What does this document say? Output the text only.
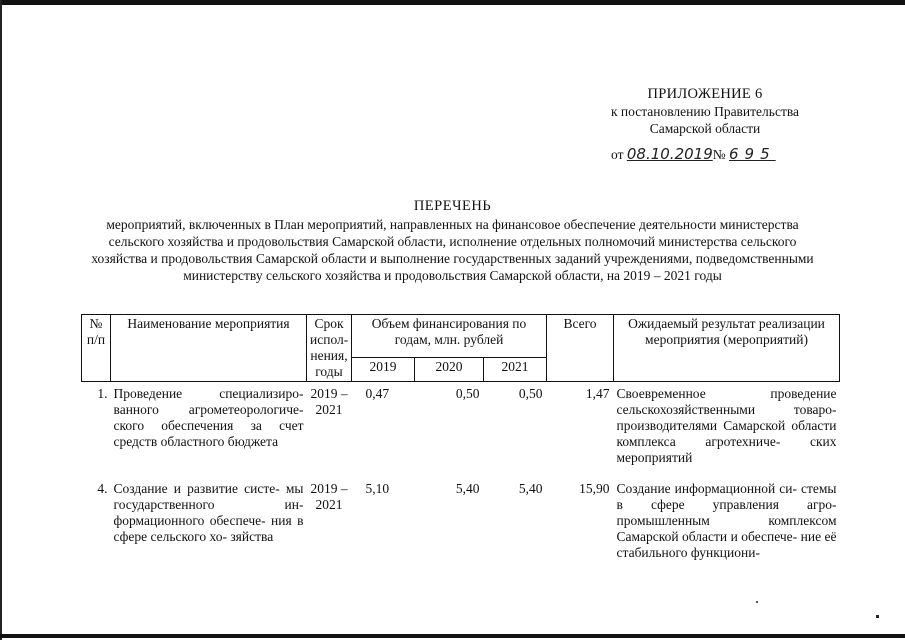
ПРИЛОЖЕНИЕ 6
к постановлению Правительства
Самарской области
от 08.10.2019№ 695
ПЕРЕЧЕНЬ
мероприятий, включенных в План мероприятий, направленных на финансовое обеспечение деятельности министерства сельского хозяйства и продовольствия Самарской области, исполнение отдельных полномочий министерства сельского хозяйства и продовольствия Самарской области и выполнение государственных заданий учреждениями, подведомственными министерству сельского хозяйства и продовольствия Самарской области, на 2019 – 2021 годы
№ п/п	Наименование мероприятия	Срок испол- нения, годы	Объем финансирования по годам, млн. рублей			Всего	Ожидаемый результат реализации мероприятия (мероприятий)
			2019	2020	2021		
1.	Проведение специализиро- ванного агрометеорологиче- ского обеспечения за счет средств областного бюджета	2019 – 2021	0,47	0,50	0,50	1,47	Своевременное проведение сельскохозяйственными товаро- производителями Самарской области комплекса агротехниче- ских мероприятий
4.	Создание и развитие систе- мы государственного ин- формационного обеспече- ния в сфере сельского хо- зяйства	2019 – 2021	5,10	5,40	5,40	15,90	Создание информационной си- стемы в сфере управления агро- промышленным комплексом Самарской области и обеспече- ние её стабильного функциони-
